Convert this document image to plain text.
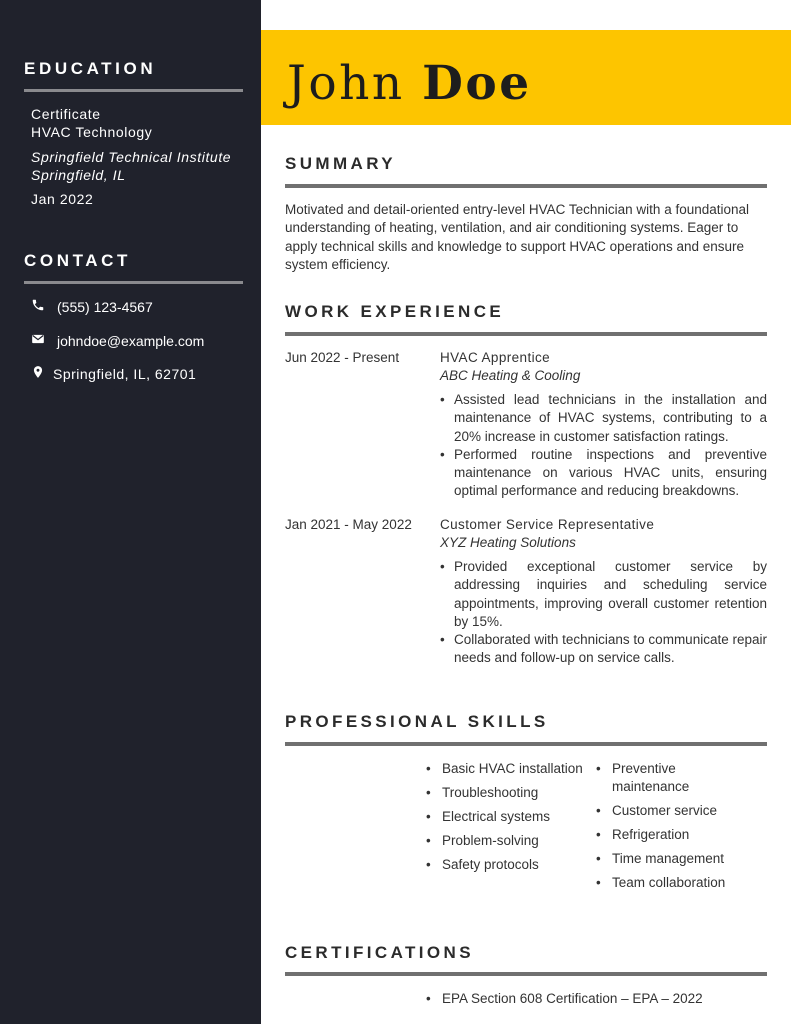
EDUCATION
Certificate
HVAC Technology
Springfield Technical Institute
Springfield, IL
Jan 2022
CONTACT
(555) 123-4567
johndoe@example.com
Springfield, IL, 62701
John Doe
SUMMARY
Motivated and detail-oriented entry-level HVAC Technician with a foundational understanding of heating, ventilation, and air conditioning systems. Eager to apply technical skills and knowledge to support HVAC operations and ensure system efficiency.
WORK EXPERIENCE
Jun 2022 - Present	HVAC Apprentice
ABC Heating & Cooling
• Assisted lead technicians in the installation and maintenance of HVAC systems, contributing to a 20% increase in customer satisfaction ratings.
• Performed routine inspections and preventive maintenance on various HVAC units, ensuring optimal performance and reducing breakdowns.
Jan 2021 - May 2022 Customer Service Representative
XYZ Heating Solutions
• Provided exceptional customer service by addressing inquiries and scheduling service appointments, improving overall customer retention by 15%.
• Collaborated with technicians to communicate repair needs and follow-up on service calls.
PROFESSIONAL SKILLS
• Basic HVAC installation
• Troubleshooting
• Electrical systems
• Problem-solving
• Safety protocols
• Preventive maintenance
• Customer service
• Refrigeration
• Time management
• Team collaboration
CERTIFICATIONS
• EPA Section 608 Certification – EPA – 2022
